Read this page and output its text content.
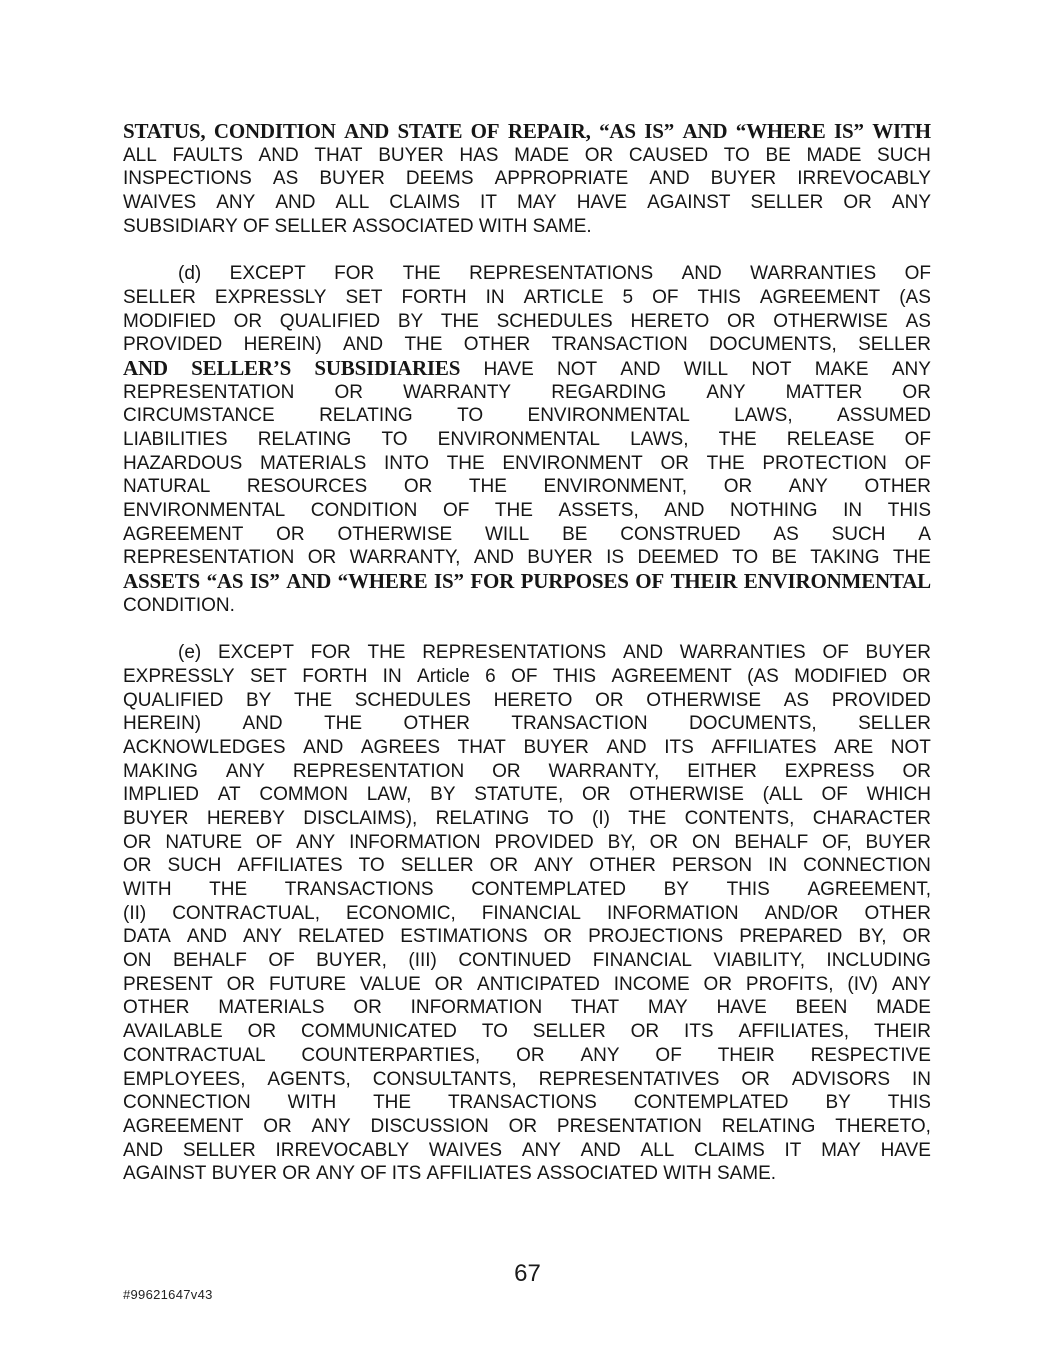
STATUS, CONDITION AND STATE OF REPAIR, “AS IS” AND “WHERE IS” WITH
ALL FAULTS AND THAT BUYER HAS MADE OR CAUSED TO BE MADE SUCH
INSPECTIONS AS BUYER DEEMS APPROPRIATE AND BUYER IRREVOCABLY
WAIVES ANY AND ALL CLAIMS IT MAY HAVE AGAINST SELLER OR ANY
SUBSIDIARY OF SELLER ASSOCIATED WITH SAME.
(d) EXCEPT FOR THE REPRESENTATIONS AND WARRANTIES OF
SELLER EXPRESSLY SET FORTH IN ARTICLE 5 OF THIS AGREEMENT (AS
MODIFIED OR QUALIFIED BY THE SCHEDULES HERETO OR OTHERWISE AS
PROVIDED HEREIN) AND THE OTHER TRANSACTION DOCUMENTS, SELLER
AND SELLER’S SUBSIDIARIES HAVE NOT AND WILL NOT MAKE ANY
REPRESENTATION OR WARRANTY REGARDING ANY MATTER OR
CIRCUMSTANCE RELATING TO ENVIRONMENTAL LAWS, ASSUMED
LIABILITIES RELATING TO ENVIRONMENTAL LAWS, THE RELEASE OF
HAZARDOUS MATERIALS INTO THE ENVIRONMENT OR THE PROTECTION OF
NATURAL RESOURCES OR THE ENVIRONMENT, OR ANY OTHER
ENVIRONMENTAL CONDITION OF THE ASSETS, AND NOTHING IN THIS
AGREEMENT OR OTHERWISE WILL BE CONSTRUED AS SUCH A
REPRESENTATION OR WARRANTY, AND BUYER IS DEEMED TO BE TAKING THE
ASSETS “AS IS” AND “WHERE IS” FOR PURPOSES OF THEIR ENVIRONMENTAL
CONDITION.
(e) EXCEPT FOR THE REPRESENTATIONS AND WARRANTIES OF BUYER
EXPRESSLY SET FORTH IN Article 6 OF THIS AGREEMENT (AS MODIFIED OR
QUALIFIED BY THE SCHEDULES HERETO OR OTHERWISE AS PROVIDED
HEREIN) AND THE OTHER TRANSACTION DOCUMENTS, SELLER
ACKNOWLEDGES AND AGREES THAT BUYER AND ITS AFFILIATES ARE NOT
MAKING ANY REPRESENTATION OR WARRANTY, EITHER EXPRESS OR
IMPLIED AT COMMON LAW, BY STATUTE, OR OTHERWISE (ALL OF WHICH
BUYER HEREBY DISCLAIMS), RELATING TO (I) THE CONTENTS, CHARACTER
OR NATURE OF ANY INFORMATION PROVIDED BY, OR ON BEHALF OF, BUYER
OR SUCH AFFILIATES TO SELLER OR ANY OTHER PERSON IN CONNECTION
WITH THE TRANSACTIONS CONTEMPLATED BY THIS AGREEMENT,
(II) CONTRACTUAL, ECONOMIC, FINANCIAL INFORMATION AND/OR OTHER
DATA AND ANY RELATED ESTIMATIONS OR PROJECTIONS PREPARED BY, OR
ON BEHALF OF BUYER, (III) CONTINUED FINANCIAL VIABILITY, INCLUDING
PRESENT OR FUTURE VALUE OR ANTICIPATED INCOME OR PROFITS, (IV) ANY
OTHER MATERIALS OR INFORMATION THAT MAY HAVE BEEN MADE
AVAILABLE OR COMMUNICATED TO SELLER OR ITS AFFILIATES, THEIR
CONTRACTUAL COUNTERPARTIES, OR ANY OF THEIR RESPECTIVE
EMPLOYEES, AGENTS, CONSULTANTS, REPRESENTATIVES OR ADVISORS IN
CONNECTION WITH THE TRANSACTIONS CONTEMPLATED BY THIS
AGREEMENT OR ANY DISCUSSION OR PRESENTATION RELATING THERETO,
AND SELLER IRREVOCABLY WAIVES ANY AND ALL CLAIMS IT MAY HAVE
AGAINST BUYER OR ANY OF ITS AFFILIATES ASSOCIATED WITH SAME.
67
#99621647v43
